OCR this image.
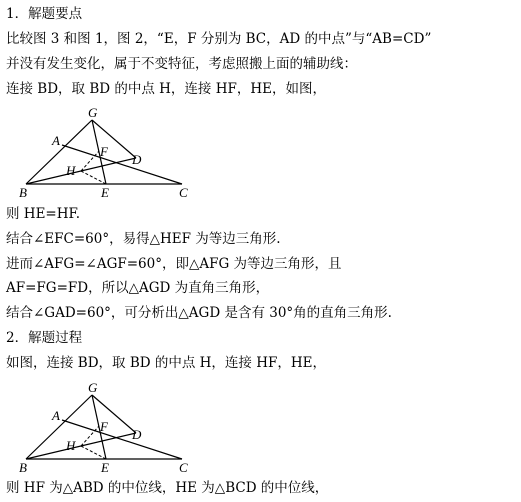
1．解题要点
比较图 3 和图 1，图 2，“E，F 分别为 BC，AD 的中点”与“AB=CD”
并没有发生变化，属于不变特征，考虑照搬上面的辅助线：
连接 BD，取 BD 的中点 H，连接 HF，HE，如图，
G
A
F
D
H
B	E	C
则 HE=HF.
结合∠EFC=60°，易得△HEF 为等边三角形.
进而∠AFG=∠AGF=60°，即△AFG 为等边三角形，且
AF=FG=FD，所以△AGD 为直角三角形，
结合∠GAD=60°，可分析出△AGD 是含有 30°角的直角三角形.
2．解题过程
如图，连接 BD，取 BD 的中点 H，连接 HF，HE，
G
A
F
D
H
B	E	C
则 HF 为△ABD 的中位线，HE 为△BCD 的中位线，
